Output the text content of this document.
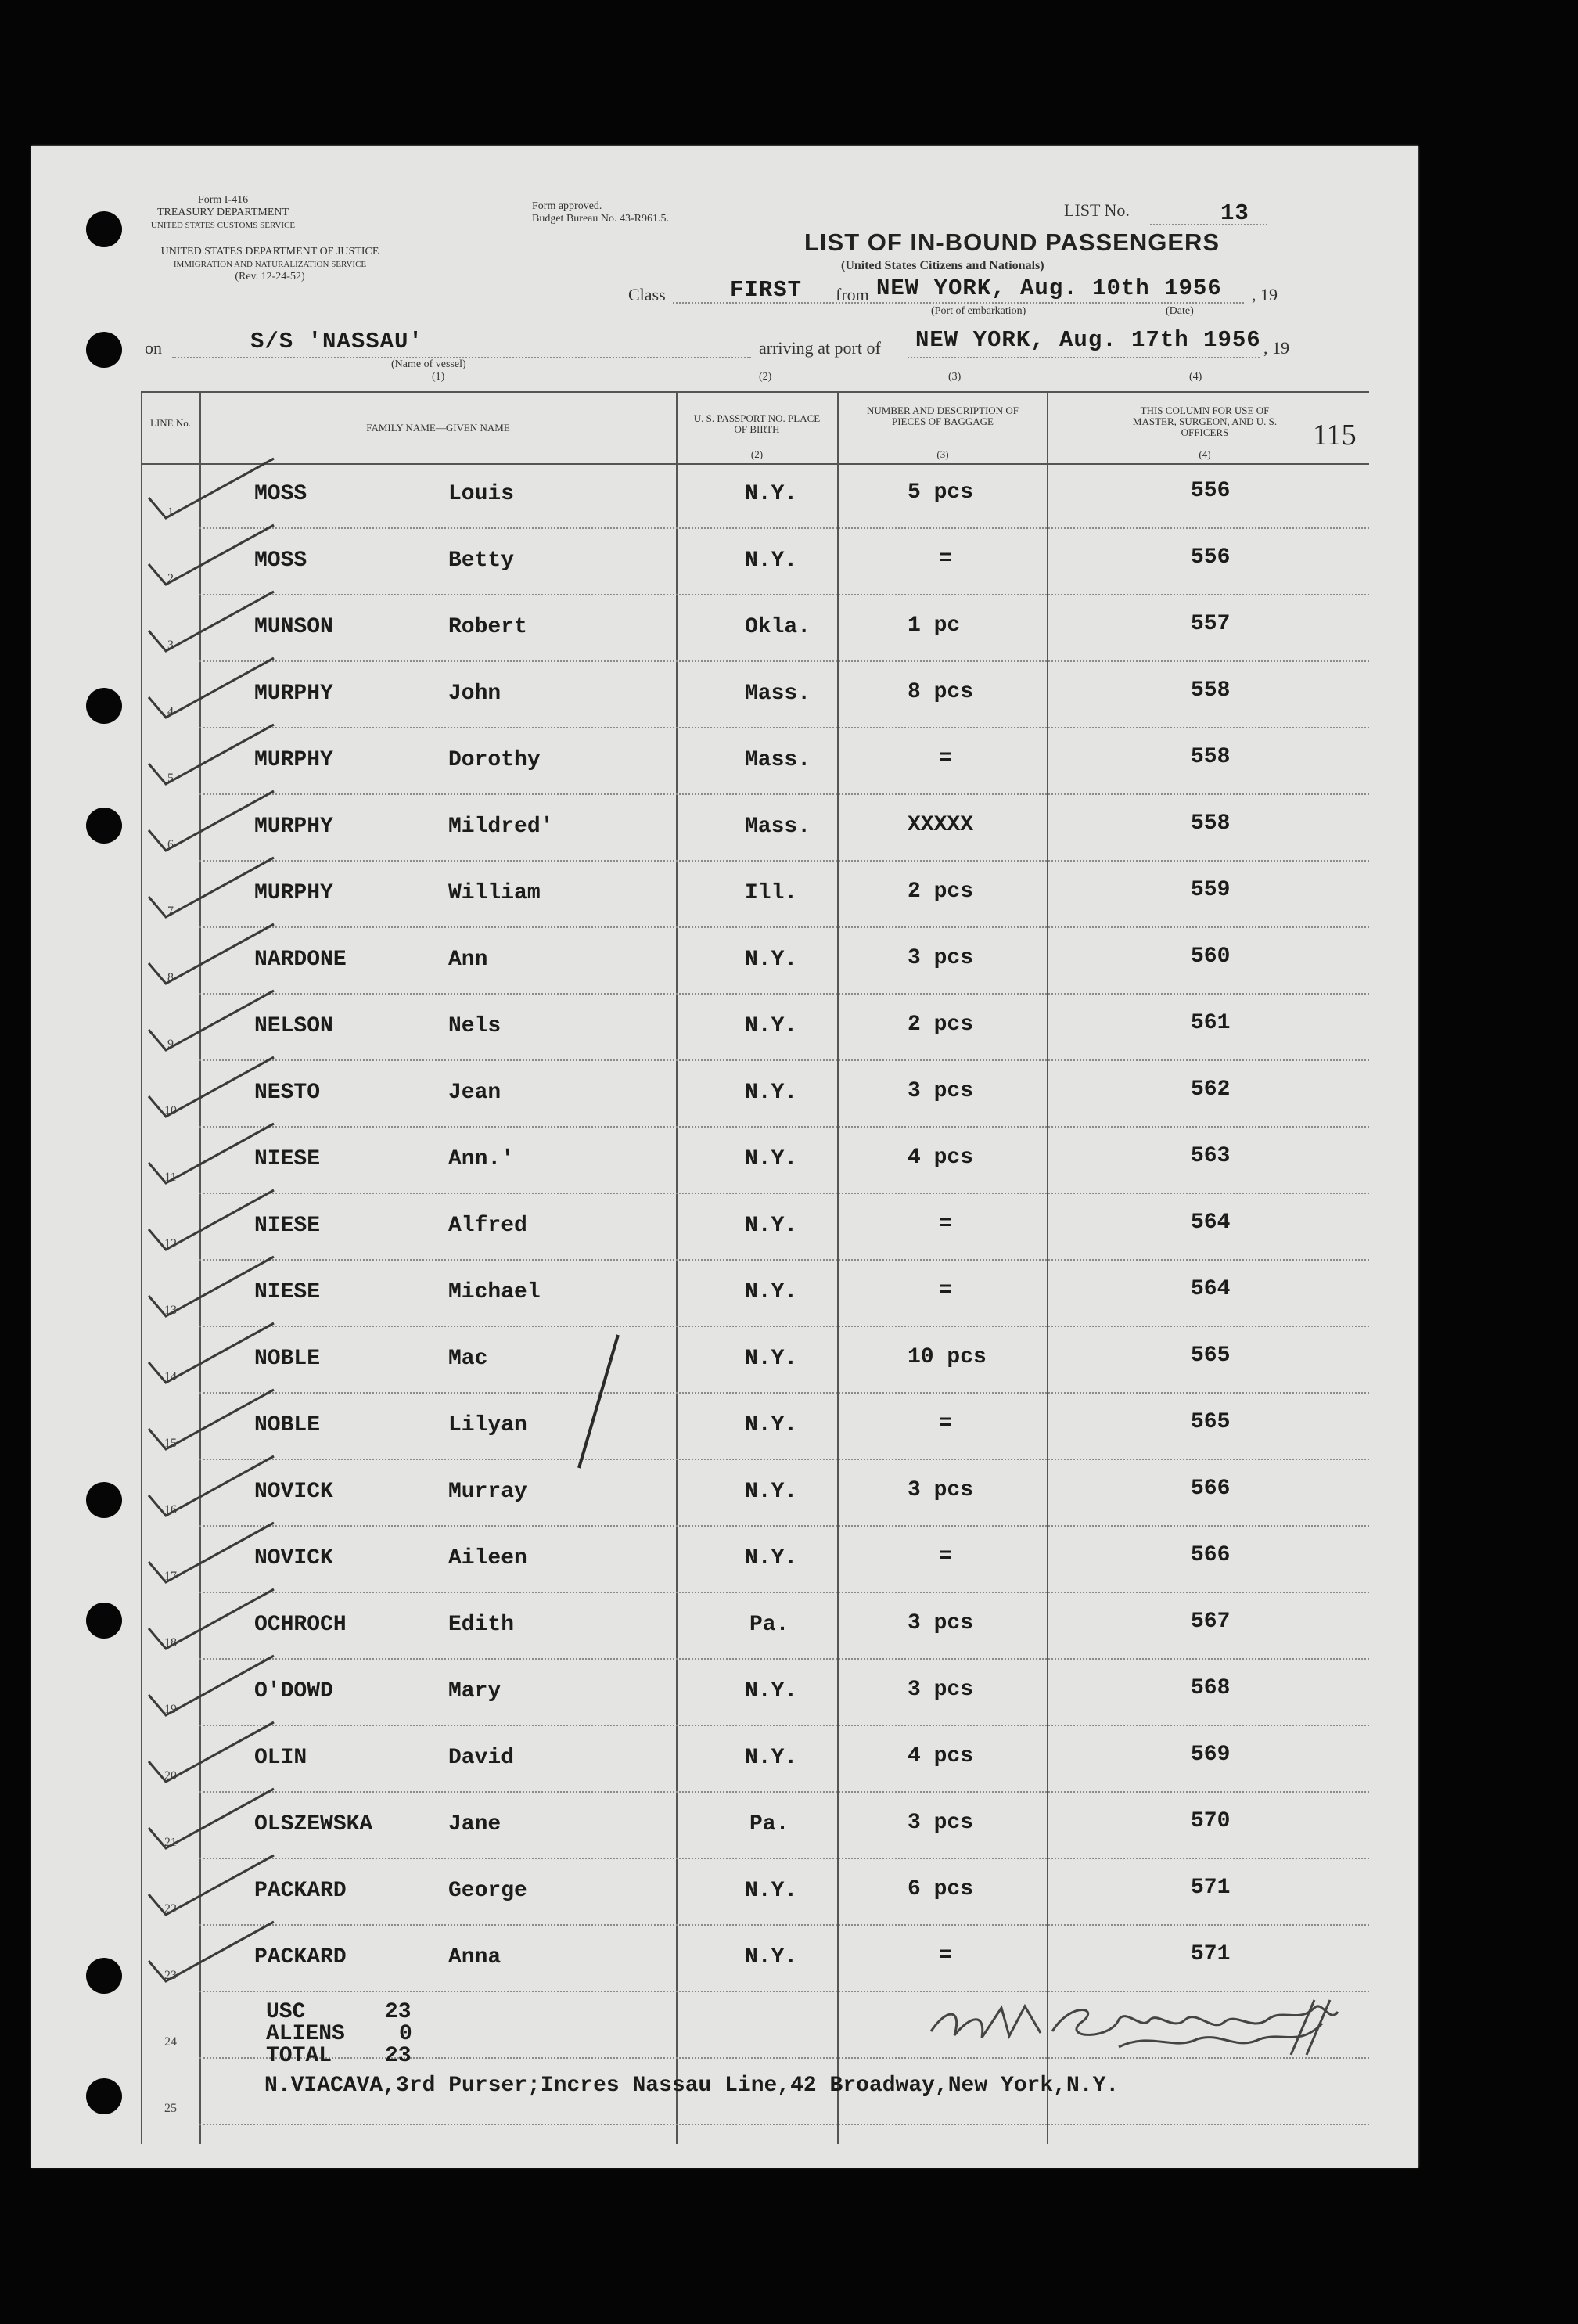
Form I-416
TREASURY DEPARTMENT
UNITED STATES CUSTOMS SERVICE
UNITED STATES DEPARTMENT OF JUSTICE
IMMIGRATION AND NATURALIZATION SERVICE
(Rev. 12-24-52)
Form approved.
Budget Bureau No. 43-R961.5.	LIST No.	13
LIST OF IN-BOUND PASSENGERS
(United States Citizens and Nationals)
Class	FIRST from NEW YORK, Aug. 10th 1956 , 19
(Port of embarkation)	(Date)
on	S/S 'NASSAU'
(Name of vessel)
(1)
arriving at port of NEW YORK, Aug. 17th 1956 , 19
(2)	(3)	(4)
LINE No.	FAMILY NAME—GIVEN NAME
U. S. PASSPORT NO. PLACE OF BIRTH
(2)
NUMBER AND DESCRIPTION OF PIECES OF BAGGAGE
(3)
THIS COLUMN FOR USE OF MASTER, SURGEON, AND U. S. OFFICERS
(4)
115
1
MOSS	Louis	N.Y.	5 pcs	556
2
MOSS	Betty	N.Y.	=	556
3
MUNSON	Robert	Okla.	1 pc	557
4
MURPHY	John	Mass.	8 pcs	558
5
MURPHY	Dorothy	Mass.	=	558
6
MURPHY	Mildred'	Mass.	XXXXX	558
7
MURPHY	William	Ill.	2 pcs	559
8
NARDONE	Ann	N.Y.	3 pcs	560
9
NELSON	Nels	N.Y.	2 pcs	561
10
NESTO	Jean	N.Y.	3 pcs	562
11
NIESE	Ann.'	N.Y.	4 pcs	563
12
NIESE	Alfred	N.Y.	=	564
13
NIESE	Michael	N.Y.	=	564
14
NOBLE	Mac	N.Y.	10 pcs	565
15
NOBLE	Lilyan	N.Y.	=	565
16
NOVICK	Murray	N.Y.	3 pcs	566
17
NOVICK	Aileen	N.Y.	=	566
18
OCHROCH	Edith	Pa.	3 pcs	567
19
O'DOWD	Mary	N.Y.	3 pcs	568
20
OLIN	David	N.Y.	4 pcs	569
21
OLSZEWSKA	Jane	Pa.	3 pcs	570
22
PACKARD	George	N.Y.	6 pcs	571
23
PACKARD	Anna	N.Y.	=	571
24
25
USC	23
ALIENS 0
TOTAL 23
N.VIACAVA,3rd Purser;Incres Nassau Line,42 Broadway,New York,N.Y.
